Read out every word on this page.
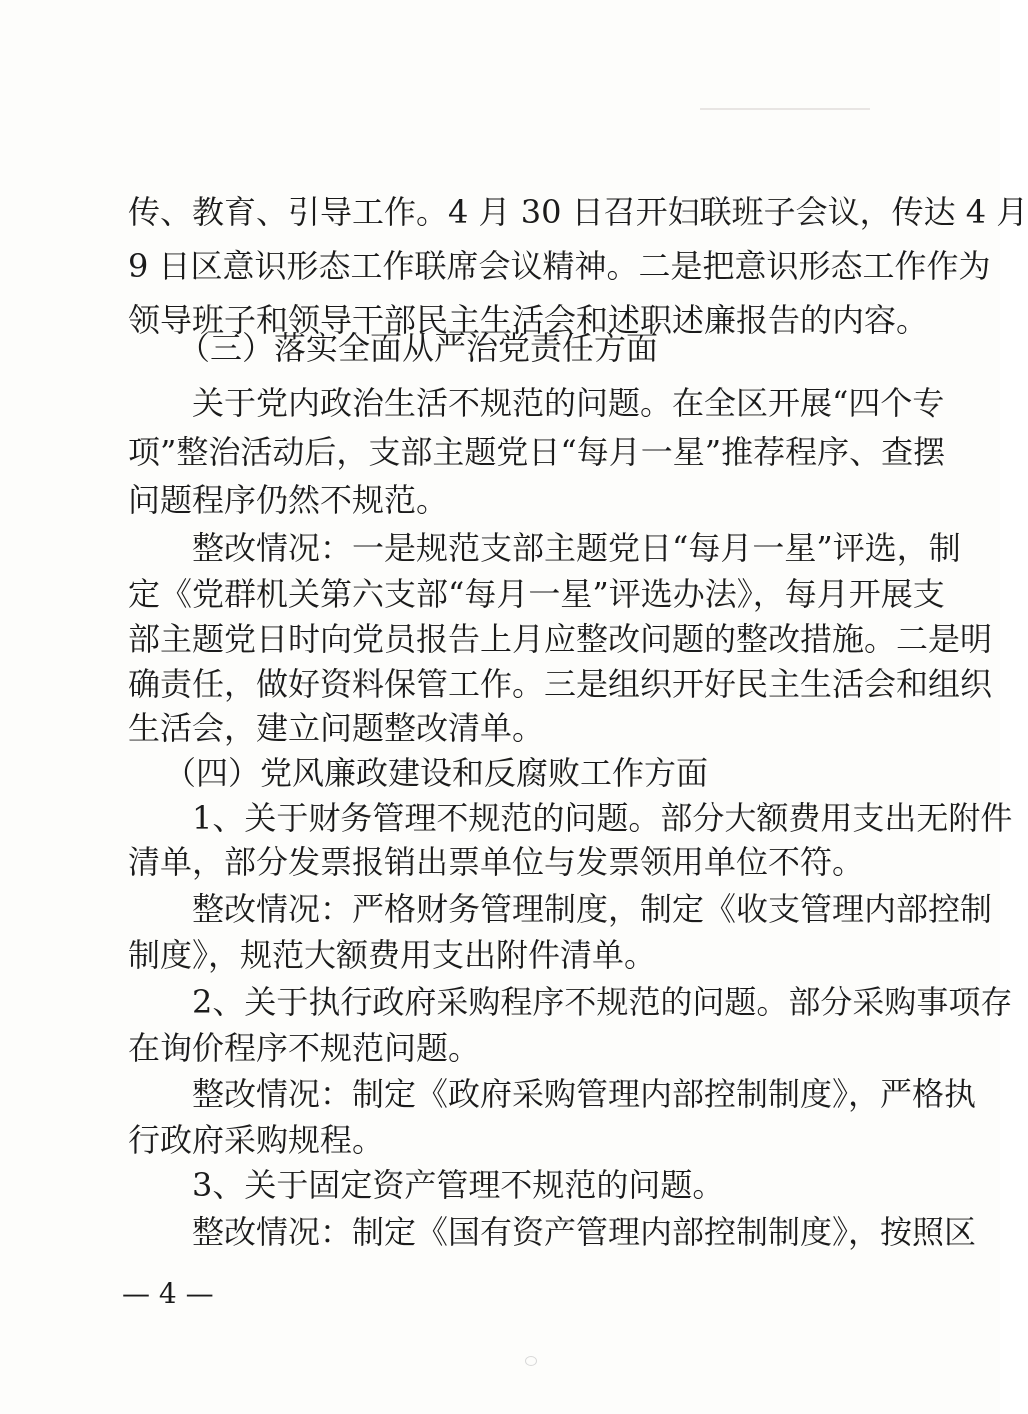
传、教育、引导工作。4 月 30 日召开妇联班子会议，传达 4 月
9 日区意识形态工作联席会议精神。二是把意识形态工作作为
领导班子和领导干部民主生活会和述职述廉报告的内容。
（三）落实全面从严治党责任方面
关于党内政治生活不规范的问题。在全区开展“四个专
项”整治活动后，支部主题党日“每月一星”推荐程序、查摆
问题程序仍然不规范。
整改情况：一是规范支部主题党日“每月一星”评选，制
定《党群机关第六支部“每月一星”评选办法》，每月开展支
部主题党日时向党员报告上月应整改问题的整改措施。二是明
确责任，做好资料保管工作。三是组织开好民主生活会和组织
生活会，建立问题整改清单。
（四）党风廉政建设和反腐败工作方面
1、关于财务管理不规范的问题。部分大额费用支出无附件
清单，部分发票报销出票单位与发票领用单位不符。
整改情况：严格财务管理制度，制定《收支管理内部控制
制度》，规范大额费用支出附件清单。
2、关于执行政府采购程序不规范的问题。部分采购事项存
在询价程序不规范问题。
整改情况：制定《政府采购管理内部控制制度》，严格执
行政府采购规程。
3、关于固定资产管理不规范的问题。
整改情况：制定《国有资产管理内部控制制度》，按照区
— 4 —
